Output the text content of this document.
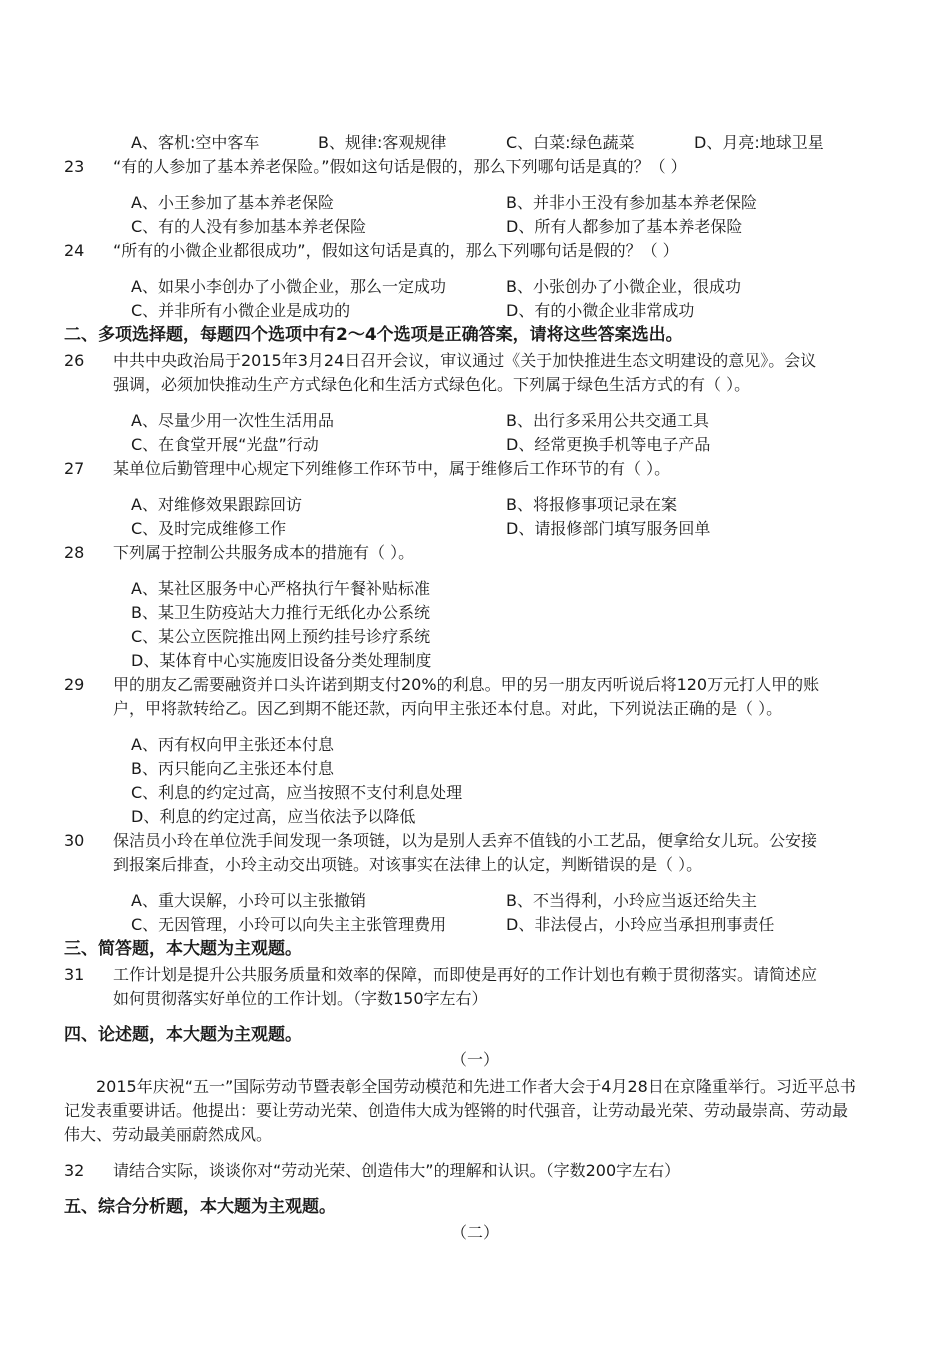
A、客机:空中客车	B、规律:客观规律	C、白菜:绿色蔬菜	D、月亮:地球卫星
23 “有的人参加了基本养老保险。”假如这句话是假的，那么下列哪句话是真的？（ ）
A、小王参加了基本养老保险	B、并非小王没有参加基本养老保险
C、有的人没有参加基本养老保险	D、所有人都参加了基本养老保险
24 “所有的小微企业都很成功”，假如这句话是真的，那么下列哪句话是假的？（ ）
A、如果小李创办了小微企业，那么一定成功	B、小张创办了小微企业，很成功
C、并非所有小微企业是成功的	D、有的小微企业非常成功
二、多项选择题，每题四个选项中有2～4个选项是正确答案，请将这些答案选出。
26 中共中央政治局于2015年3月24日召开会议，审议通过《关于加快推进生态文明建设的意见》。会议
强调，必须加快推动生产方式绿色化和生活方式绿色化。下列属于绿色生活方式的有（ ）。
A、尽量少用一次性生活用品	B、出行多采用公共交通工具
C、在食堂开展“光盘”行动	D、经常更换手机等电子产品
27 某单位后勤管理中心规定下列维修工作环节中，属于维修后工作环节的有（ ）。
A、对维修效果跟踪回访	B、将报修事项记录在案
C、及时完成维修工作	D、请报修部门填写服务回单
28 下列属于控制公共服务成本的措施有（ ）。
A、某社区服务中心严格执行午餐补贴标准
B、某卫生防疫站大力推行无纸化办公系统
C、某公立医院推出网上预约挂号诊疗系统
D、某体育中心实施废旧设备分类处理制度
29 甲的朋友乙需要融资并口头许诺到期支付20%的利息。甲的另一朋友丙听说后将120万元打人甲的账
户，甲将款转给乙。因乙到期不能还款，丙向甲主张还本付息。对此，下列说法正确的是（ ）。
A、丙有权向甲主张还本付息
B、丙只能向乙主张还本付息
C、利息的约定过高，应当按照不支付利息处理
D、利息的约定过高，应当依法予以降低
30 保洁员小玲在单位洗手间发现一条项链，以为是别人丢弃不值钱的小工艺品，便拿给女儿玩。公安接
到报案后排查，小玲主动交出项链。对该事实在法律上的认定，判断错误的是（ ）。
A、重大误解，小玲可以主张撤销	B、不当得利，小玲应当返还给失主
C、无因管理，小玲可以向失主主张管理费用	D、非法侵占，小玲应当承担刑事责任
三、简答题，本大题为主观题。
31 工作计划是提升公共服务质量和效率的保障，而即使是再好的工作计划也有赖于贯彻落实。请简述应
如何贯彻落实好单位的工作计划。（字数150字左右）
四、论述题，本大题为主观题。
（一）
2015年庆祝“五一”国际劳动节暨表彰全国劳动模范和先进工作者大会于4月28日在京隆重举行。习近平总书
记发表重要讲话。他提出：要让劳动光荣、创造伟大成为铿锵的时代强音，让劳动最光荣、劳动最崇高、劳动最
伟大、劳动最美丽蔚然成风。
32 请结合实际，谈谈你对“劳动光荣、创造伟大”的理解和认识。（字数200字左右）
五、综合分析题，本大题为主观题。
（二）
